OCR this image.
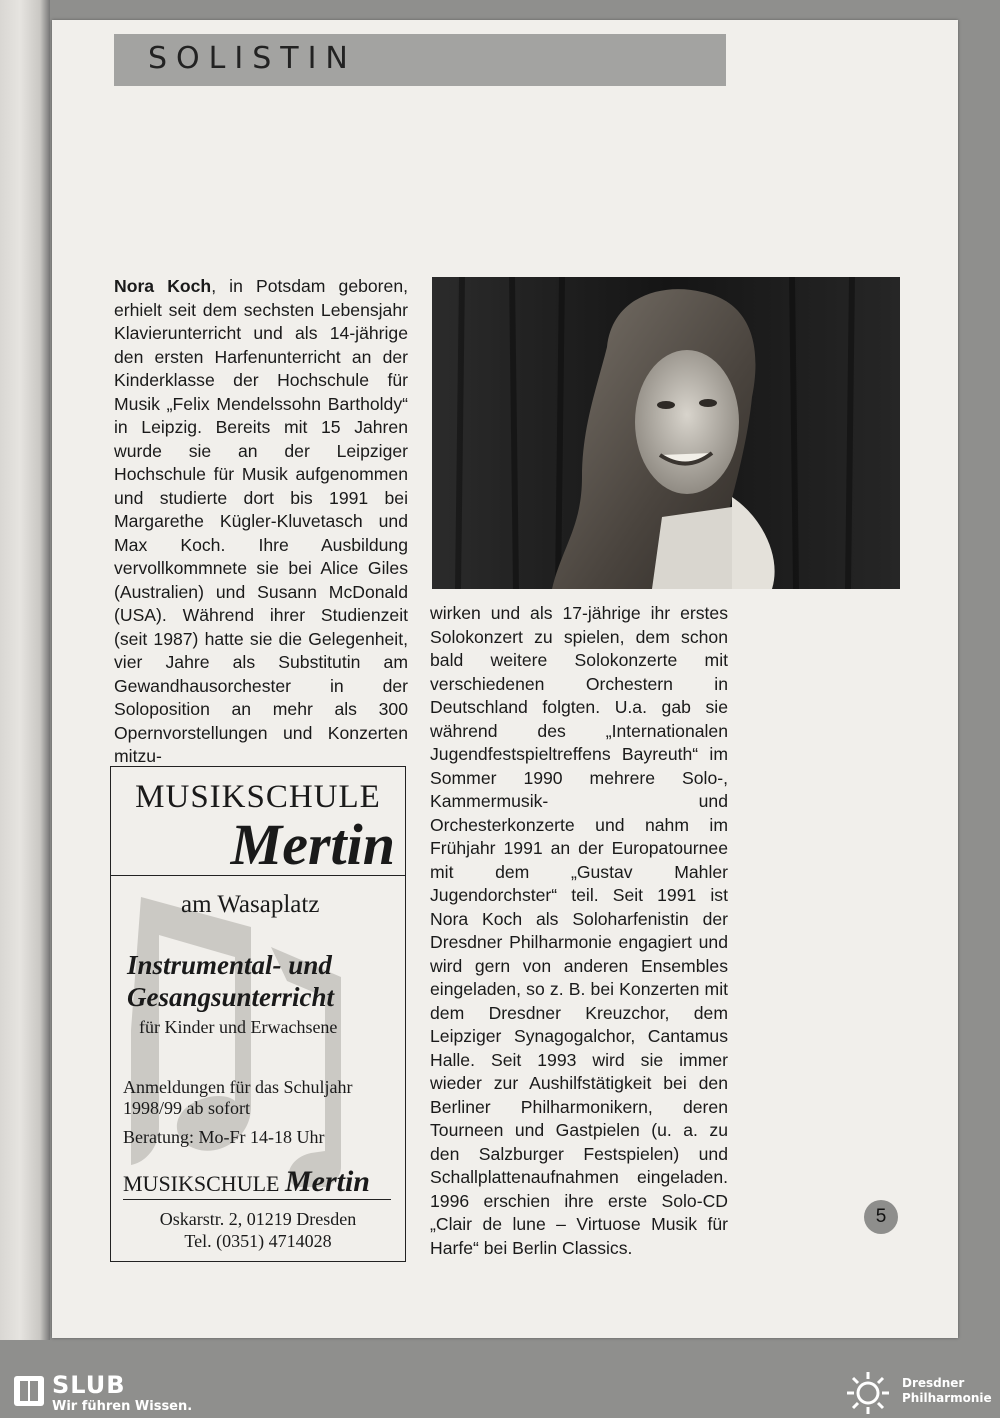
SOLISTIN
Nora Koch, in Potsdam geboren, erhielt seit dem sechsten Lebensjahr Klavierunterricht und als 14-jährige den ersten Harfenunterricht an der Kinderklasse der Hochschule für Musik „Felix Mendelssohn Bartholdy“ in Leipzig. Bereits mit 15 Jahren wurde sie an der Leipziger Hochschule für Musik aufgenommen und studierte dort bis 1991 bei Margarethe Kügler-Kluvetasch und Max Koch. Ihre Ausbildung vervollkommnete sie bei Alice Giles (Australien) und Susann McDonald (USA). Während ihrer Studienzeit (seit 1987) hatte sie die Gelegenheit, vier Jahre als Substitutin am Gewandhausorchester in der Soloposition an mehr als 300 Opernvorstellungen und Konzerten mitzu-
wirken und als 17-jährige ihr erstes Solokonzert zu spielen, dem schon bald weitere Solokonzerte mit verschiedenen Orchestern in Deutschland folgten. U.a. gab sie während des „Internationalen Jugendfestspieltreffens Bayreuth“ im Sommer 1990 mehrere Solo-, Kammermusik- und Orchesterkonzerte und nahm im Frühjahr 1991 an der Europatournee mit dem „Gustav Mahler Jugendorchster“ teil. Seit 1991 ist Nora Koch als Soloharfenistin der Dresdner Philharmonie engagiert und wird gern von anderen Ensembles eingeladen, so z. B. bei Konzerten mit dem Dresdner Kreuzchor, dem Leipziger Synagogalchor, Cantamus Halle. Seit 1993 wird sie immer wieder zur Aushilfstätigkeit bei den Berliner Philharmonikern, deren Tourneen und Gastpielen (u. a. zu den Salzburger Festspielen) und Schallplattenaufnahmen eingeladen. 1996 erschien ihre erste Solo-CD „Clair de lune – Virtuose Musik für Harfe“ bei Berlin Classics.
MUSIKSCHULE
Mertin
am Wasaplatz
Instrumental- und
Gesangsunterricht
für Kinder und Erwachsene
Anmeldungen für das Schuljahr 1998/99 ab sofort
Beratung: Mo-Fr 14-18 Uhr
MUSIKSCHULE Mertin
Oskarstr. 2, 01219 Dresden
Tel. (0351) 4714028
5
SLUB
Wir führen Wissen.
Dresdner
Philharmonie
